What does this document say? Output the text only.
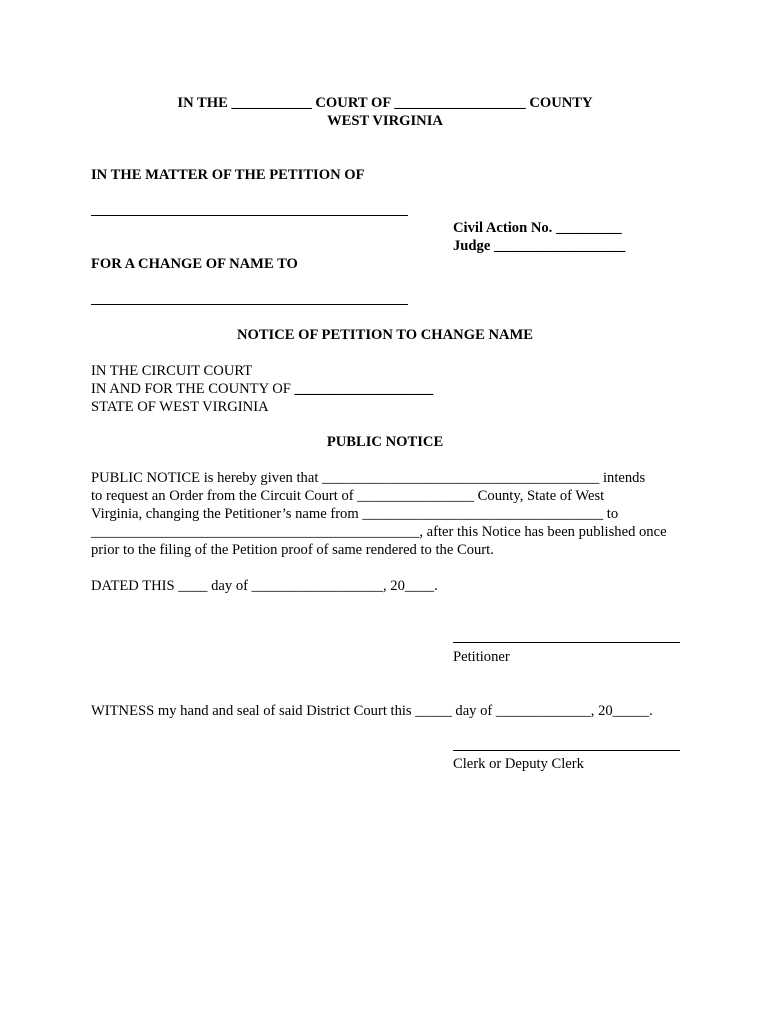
IN THE ___________ COURT OF __________________ COUNTY
WEST VIRGINIA
IN THE MATTER OF THE PETITION OF
Civil Action No. _________
Judge __________________
FOR A CHANGE OF NAME TO
NOTICE OF PETITION TO CHANGE NAME
IN THE CIRCUIT COURT
IN AND FOR THE COUNTY OF ___________________
STATE OF WEST VIRGINIA
PUBLIC NOTICE
PUBLIC NOTICE is hereby given that ______________________________________ intends
to request an Order from the Circuit Court of ________________ County, State of West
Virginia, changing the Petitioner’s name from _________________________________ to
_____________________________________________, after this Notice has been published once
prior to the filing of the Petition proof of same rendered to the Court.
DATED THIS ____ day of __________________, 20____.
Petitioner
WITNESS my hand and seal of said District Court this _____ day of _____________, 20_____.
Clerk or Deputy Clerk
